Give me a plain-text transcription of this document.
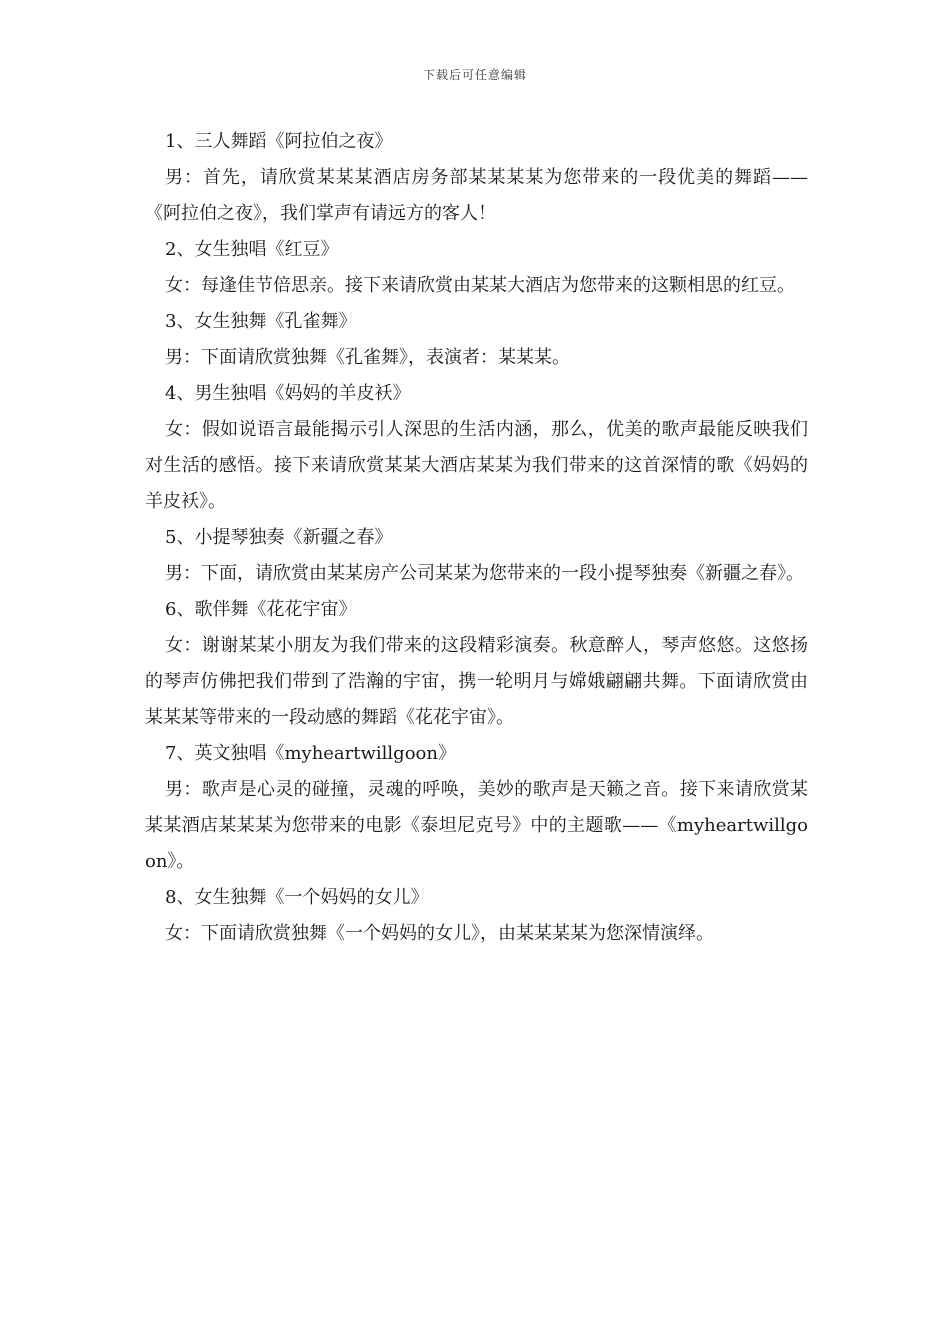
下载后可任意编辑

1、三人舞蹈《阿拉伯之夜》

男：首先，请欣赏某某某酒店房务部某某某某为您带来的一段优美的舞蹈——《阿拉伯之夜》，我们掌声有请远方的客人！

2、女生独唱《红豆》

女：每逢佳节倍思亲。接下来请欣赏由某某大酒店为您带来的这颗相思的红豆。

3、女生独舞《孔雀舞》

男：下面请欣赏独舞《孔雀舞》，表演者：某某某。

4、男生独唱《妈妈的羊皮袄》

女：假如说语言最能揭示引人深思的生活内涵，那么，优美的歌声最能反映我们对生活的感悟。接下来请欣赏某某大酒店某某为我们带来的这首深情的歌《妈妈的羊皮袄》。

5、小提琴独奏《新疆之春》

男：下面，请欣赏由某某房产公司某某为您带来的一段小提琴独奏《新疆之春》。

6、歌伴舞《花花宇宙》

女：谢谢某某小朋友为我们带来的这段精彩演奏。秋意醉人，琴声悠悠。这悠扬的琴声仿佛把我们带到了浩瀚的宇宙，携一轮明月与嫦娥翩翩共舞。下面请欣赏由某某某等带来的一段动感的舞蹈《花花宇宙》。

7、英文独唱《myheartwillgoon》

男：歌声是心灵的碰撞，灵魂的呼唤，美妙的歌声是天籁之音。接下来请欣赏某某某酒店某某某为您带来的电影《泰坦尼克号》中的主题歌——《myheartwillgoon》。

8、女生独舞《一个妈妈的女儿》

女：下面请欣赏独舞《一个妈妈的女儿》，由某某某某为您深情演绎。
